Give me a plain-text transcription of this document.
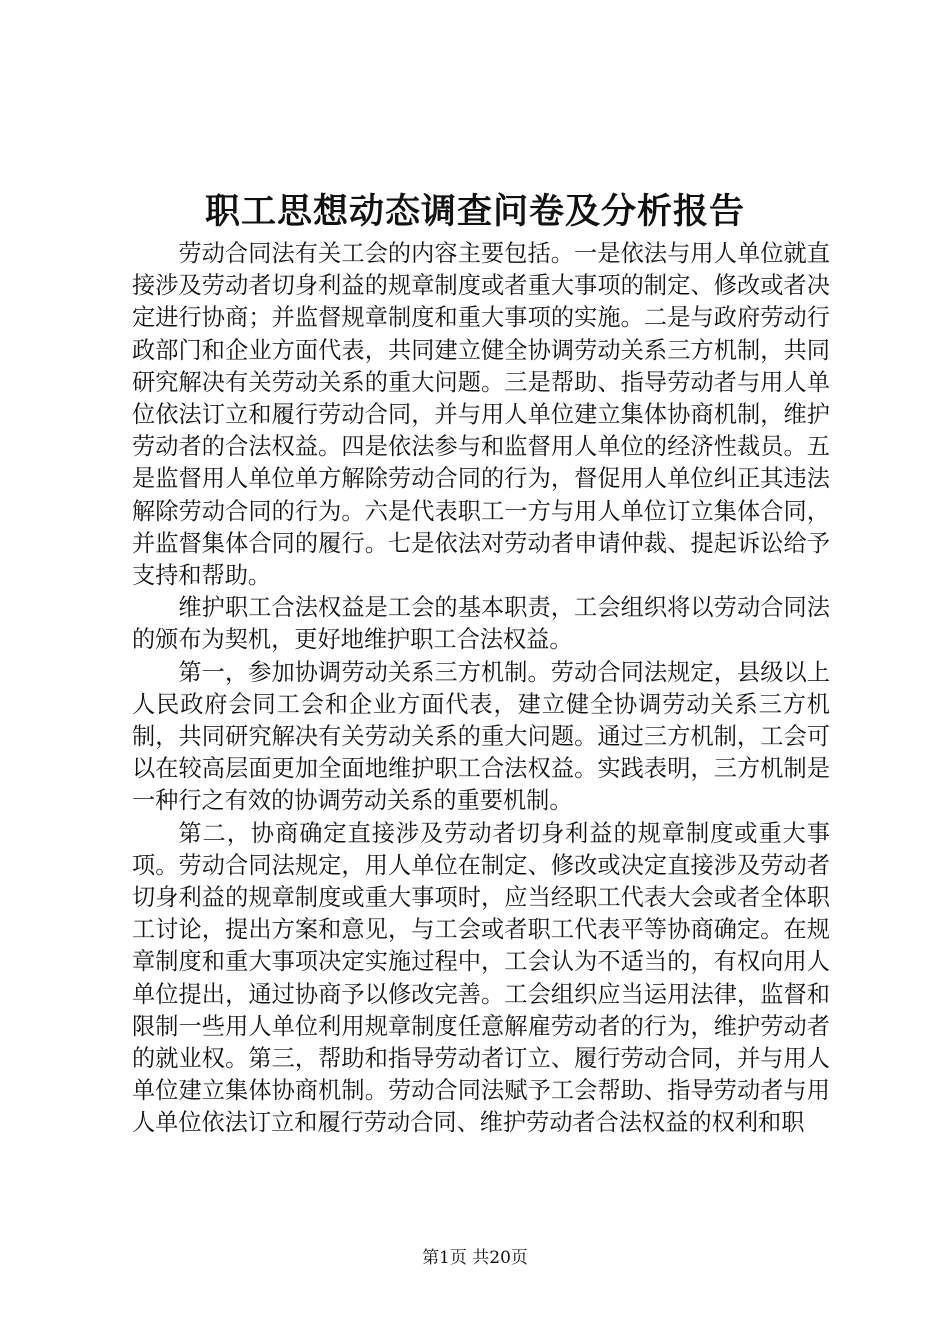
职工思想动态调查问卷及分析报告

劳动合同法有关工会的内容主要包括。一是依法与用人单位就直接涉及劳动者切身利益的规章制度或者重大事项的制定、修改或者决定进行协商；并监督规章制度和重大事项的实施。二是与政府劳动行政部门和企业方面代表，共同建立健全协调劳动关系三方机制，共同研究解决有关劳动关系的重大问题。三是帮助、指导劳动者与用人单位依法订立和履行劳动合同，并与用人单位建立集体协商机制，维护劳动者的合法权益。四是依法参与和监督用人单位的经济性裁员。五是监督用人单位单方解除劳动合同的行为，督促用人单位纠正其违法解除劳动合同的行为。六是代表职工一方与用人单位订立集体合同，并监督集体合同的履行。七是依法对劳动者申请仲裁、提起诉讼给予支持和帮助。

维护职工合法权益是工会的基本职责，工会组织将以劳动合同法的颁布为契机，更好地维护职工合法权益。

第一，参加协调劳动关系三方机制。劳动合同法规定，县级以上人民政府会同工会和企业方面代表，建立健全协调劳动关系三方机制，共同研究解决有关劳动关系的重大问题。通过三方机制，工会可以在较高层面更加全面地维护职工合法权益。实践表明，三方机制是一种行之有效的协调劳动关系的重要机制。

第二，协商确定直接涉及劳动者切身利益的规章制度或重大事项。劳动合同法规定，用人单位在制定、修改或决定直接涉及劳动者切身利益的规章制度或重大事项时，应当经职工代表大会或者全体职工讨论，提出方案和意见，与工会或者职工代表平等协商确定。在规章制度和重大事项决定实施过程中，工会认为不适当的，有权向用人单位提出，通过协商予以修改完善。工会组织应当运用法律，监督和限制一些用人单位利用规章制度任意解雇劳动者的行为，维护劳动者的就业权。第三，帮助和指导劳动者订立、履行劳动合同，并与用人单位建立集体协商机制。劳动合同法赋予工会帮助、指导劳动者与用人单位依法订立和履行劳动合同、维护劳动者合法权益的权利和职

第1页 共20页
